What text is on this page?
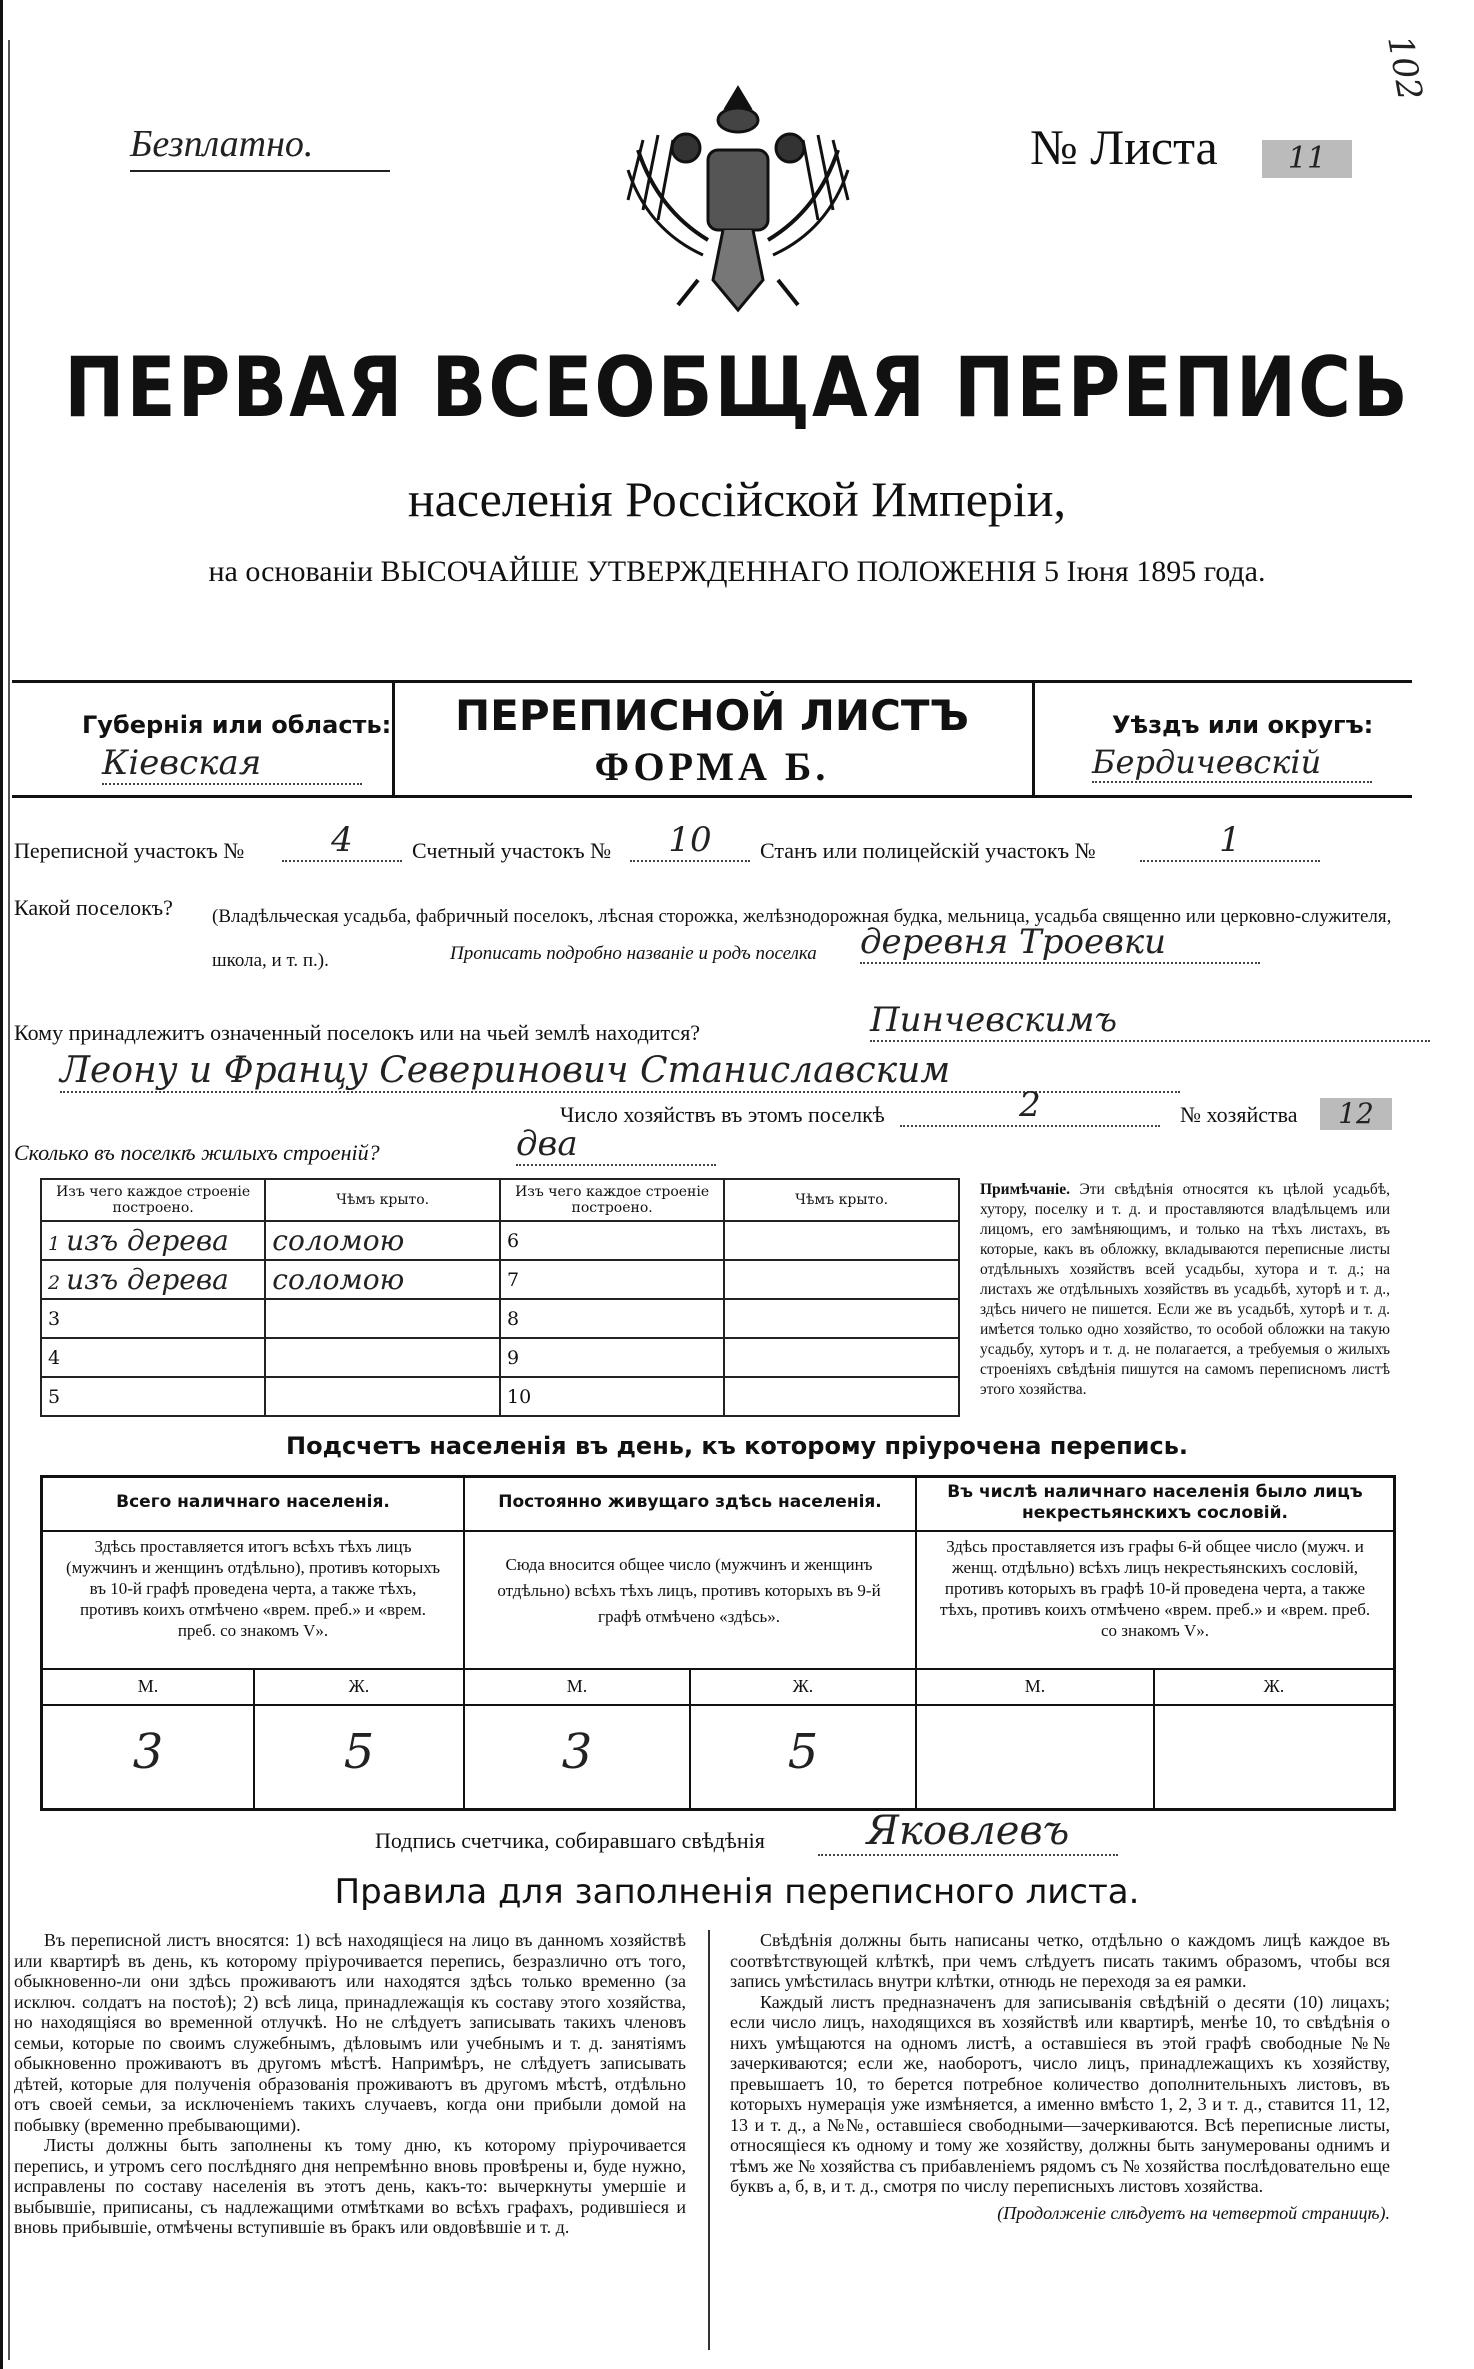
Безплатно.	№ Листа	11
102
ПЕРВАЯ ВСЕОБЩАЯ ПЕРЕПИСЬ
населенія Россійской Имперіи,
на основаніи ВЫСОЧАЙШЕ УТВЕРЖДЕННАГО ПОЛОЖЕНІЯ 5 Іюня 1895 года.
Губернія или область:
Кіевская
ПЕРЕПИСНОЙ ЛИСТЪ
ФОРМА Б.
Уѣздъ или округъ:
Бердичевскій
Переписной участокъ №	4	Счетный участокъ №	10	Станъ или полицейскій участокъ №	1
Какой поселокъ? (Владѣльческая усадьба, фабричный поселокъ, лѣсная сторожка, желѣзнодорожная будка, мельница, усадьба священно или церковно-служителя, школа, и т. п.).	Прописать подробно названіе и родъ поселка деревня Троевки
Кому принадлежитъ означенный поселокъ или на чьей землѣ находится?	Пинчевскимъ
Леону и Францу Северинович Станиславским
Число хозяйствъ въ этомъ поселкѣ	2	№ хозяйства	12
Сколько въ поселкѣ жилыхъ строеній?	два
Изъ чего каждое строеніе построено.	Чѣмъ крыто.	Изъ чего каждое строеніе построено.	Чѣмъ крыто.
1 изъ дерева	соломою	6	
2 изъ дерева	соломою	7	
3		8	
4		9	
5		10	
Примѣчаніе. Эти свѣдѣнія относятся къ цѣлой усадьбѣ, хутору, поселку и т. д. и проставляются владѣльцемъ или лицомъ, его замѣняющимъ, и только на тѣхъ листахъ, въ которые, какъ въ обложку, вкладываются переписные листы отдѣльныхъ хозяйствъ всей усадьбы, хутора и т. д.; на листахъ же отдѣльныхъ хозяйствъ въ усадьбѣ, хуторѣ и т. д., здѣсь ничего не пишется. Если же въ усадьбѣ, хуторѣ и т. д. имѣется только одно хозяйство, то особой обложки на такую усадьбу, хуторъ и т. д. не полагается, а требуемыя о жилыхъ строеніяхъ свѣдѣнія пишутся на самомъ переписномъ листѣ этого хозяйства.
Подсчетъ населенія въ день, къ которому пріурочена перепись.
Всего наличнаго населенія.	Постоянно живущаго здѣсь населенія.	Въ числѣ наличнаго населенія было лицъ некрестьянскихъ сословій.
Здѣсь проставляется итогъ всѣхъ тѣхъ лицъ (мужчинъ и женщинъ отдѣльно), противъ которыхъ въ 10-й графѣ проведена черта, а также тѣхъ, противъ коихъ отмѣчено «врем. преб.» и «врем. преб. со знакомъ V».
Сюда вносится общее число (мужчинъ и женщинъ отдѣльно) всѣхъ тѣхъ лицъ, противъ которыхъ въ 9-й графѣ отмѣчено «здѣсь».
Здѣсь проставляется изъ графы 6-й общее число (мужч. и женщ. отдѣльно) всѣхъ лицъ некрестьянскихъ сословій, противъ которыхъ въ графѣ 10-й проведена черта, а также тѣхъ, противъ коихъ отмѣчено «врем. преб.» и «врем. преб. со знакомъ V».
М.	Ж.	М.	Ж.	М.	Ж.
3	5	3	5
Подпись счетчика, собиравшаго свѣдѣнія	Яковлевъ
Правила для заполненія переписного листа.
Въ переписной листъ вносятся: 1) всѣ находящіеся на лицо въ данномъ хозяйствѣ или квартирѣ въ день, къ которому пріурочивается перепись, безразлично отъ того, обыкновенно-ли они здѣсь проживаютъ или находятся здѣсь только временно (за исключ. солдатъ на постоѣ); 2) всѣ лица, принадлежащія къ составу этого хозяйства, но находящіяся во временной отлучкѣ. Но не слѣдуетъ записывать такихъ членовъ семьи, которые по своимъ служебнымъ, дѣловымъ или учебнымъ и т. д. занятіямъ обыкновенно проживаютъ въ другомъ мѣстѣ. Напримѣръ, не слѣдуетъ записывать дѣтей, которые для полученія образованія проживаютъ въ другомъ мѣстѣ, отдѣльно отъ своей семьи, за исключеніемъ такихъ случаевъ, когда они прибыли домой на побывку (временно пребывающими).
Листы должны быть заполнены къ тому дню, къ которому пріурочивается перепись, и утромъ сего послѣдняго дня непремѣнно вновь провѣрены и, буде нужно, исправлены по составу населенія въ этотъ день, какъ-то: вычеркнуты умершіе и выбывшіе, приписаны, съ надлежащими отмѣтками во всѣхъ графахъ, родившіеся и вновь прибывшіе, отмѣчены вступившіе въ бракъ или овдовѣвшіе и т. д.
Свѣдѣнія должны быть написаны четко, отдѣльно о каждомъ лицѣ каждое въ соотвѣтствующей клѣткѣ, при чемъ слѣдуетъ писать такимъ образомъ, чтобы вся запись умѣстилась внутри клѣтки, отнюдь не переходя за ея рамки.
Каждый листъ предназначенъ для записыванія свѣдѣній о десяти (10) лицахъ; если число лицъ, находящихся въ хозяйствѣ или квартирѣ, менѣе 10, то свѣдѣнія о нихъ умѣщаются на одномъ листѣ, а оставшіеся въ этой графѣ свободные №№ зачеркиваются; если же, наоборотъ, число лицъ, принадлежащихъ къ хозяйству, превышаетъ 10, то берется потребное количество дополнительныхъ листовъ, въ которыхъ нумерація уже измѣняется, а именно вмѣсто 1, 2, 3 и т. д., ставится 11, 12, 13 и т. д., а №№, оставшіеся свободными—зачеркиваются. Всѣ переписные листы, относящіеся къ одному и тому же хозяйству, должны быть занумерованы однимъ и тѣмъ же № хозяйства съ прибавленіемъ рядомъ съ № хозяйства послѣдовательно еще буквъ а, б, в, и т. д., смотря по числу переписныхъ листовъ хозяйства.
(Продолженіе слѣдуетъ на четвертой страницѣ).
